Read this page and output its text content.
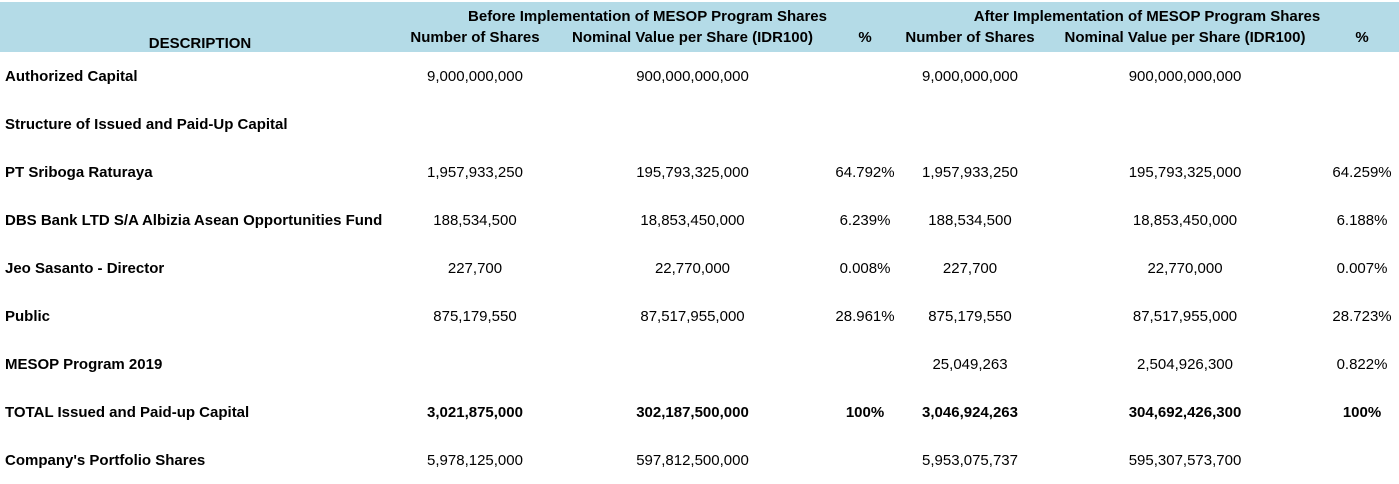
DESCRIPTION	Before Implementation of MESOP Program Shares			After Implementation of MESOP Program Shares		
	Number of Shares	Nominal Value per Share (IDR100)	%	Number of Shares	Nominal Value per Share (IDR100)	%
Authorized Capital	9,000,000,000	900,000,000,000		9,000,000,000	900,000,000,000	
Structure of Issued and Paid-Up Capital						
PT Sriboga Raturaya	1,957,933,250	195,793,325,000	64.792%	1,957,933,250	195,793,325,000	64.259%
DBS Bank LTD S/A Albizia Asean Opportunities Fund	188,534,500	18,853,450,000	6.239%	188,534,500	18,853,450,000	6.188%
Jeo Sasanto - Director	227,700	22,770,000	0.008%	227,700	22,770,000	0.007%
Public	875,179,550	87,517,955,000	28.961%	875,179,550	87,517,955,000	28.723%
MESOP Program 2019				25,049,263	2,504,926,300	0.822%
TOTAL Issued and Paid-up Capital	3,021,875,000	302,187,500,000	100%	3,046,924,263	304,692,426,300	100%
Company's Portfolio Shares	5,978,125,000	597,812,500,000		5,953,075,737	595,307,573,700	
